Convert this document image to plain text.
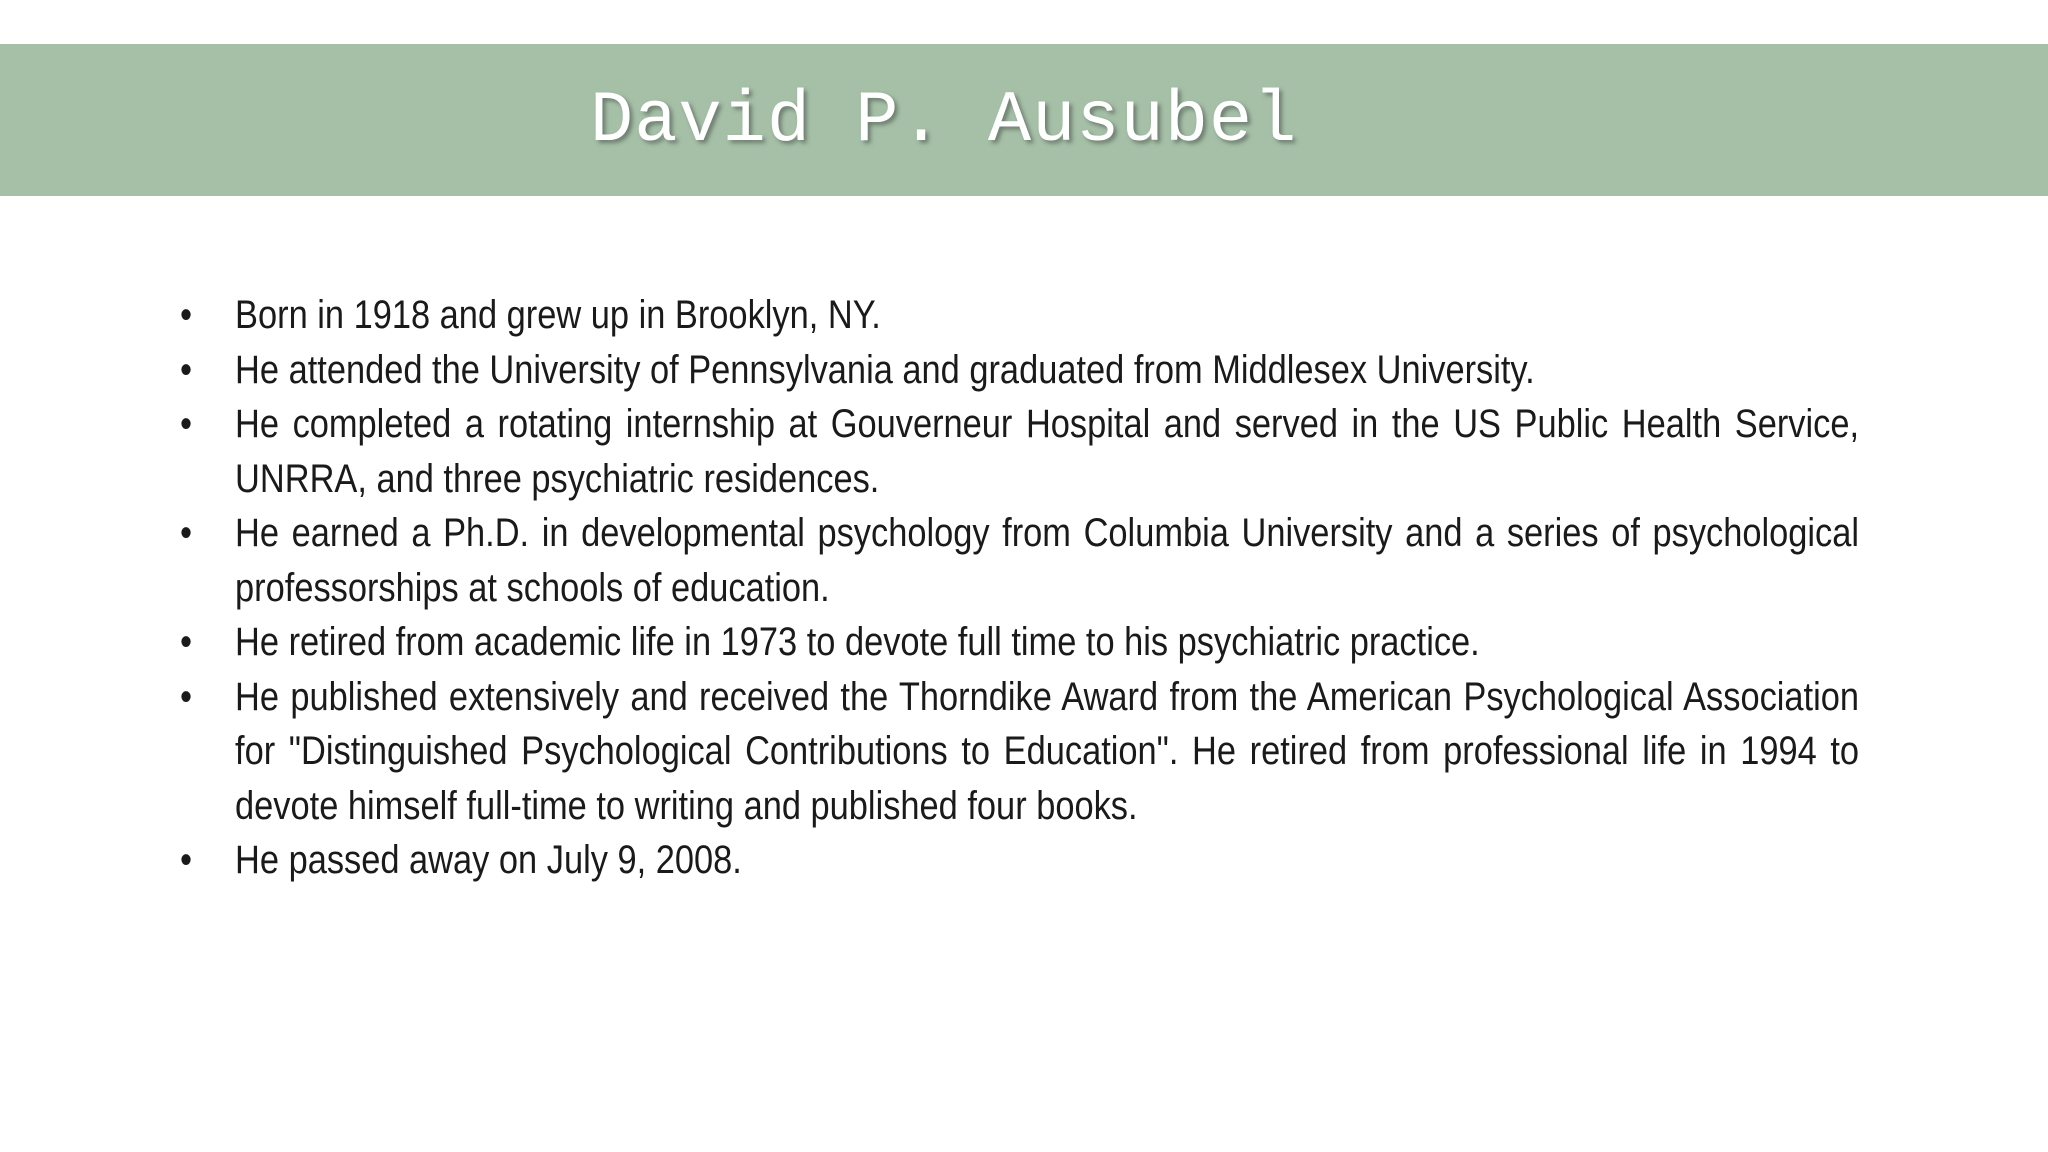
David P. Ausubel
•	Born in 1918 and grew up in Brooklyn, NY.
•	He attended the University of Pennsylvania and graduated from Middlesex University.
•	He completed a rotating internship at Gouverneur Hospital and served in the US Public Health Service, UNRRA, and three psychiatric residences.
•	He earned a Ph.D. in developmental psychology from Columbia University and a series of psychological professorships at schools of education.
•	He retired from academic life in 1973 to devote full time to his psychiatric practice.
•	He published extensively and received the Thorndike Award from the American Psychological Association for "Distinguished Psychological Contributions to Education". He retired from professional life in 1994 to devote himself full-time to writing and published four books.
•	He passed away on July 9, 2008.
